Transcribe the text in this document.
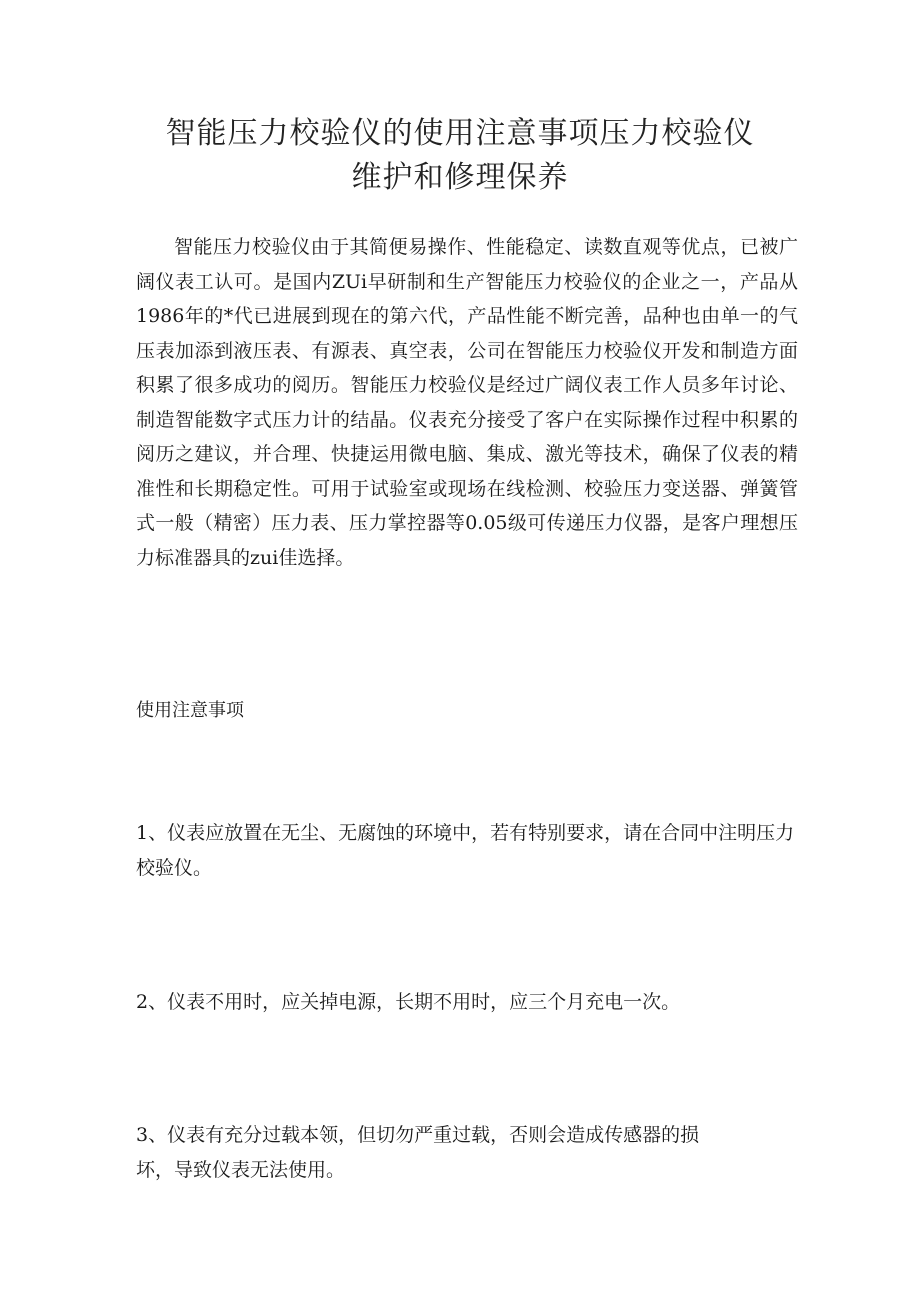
智能压力校验仪的使用注意事项压力校验仪
维护和修理保养

智能压力校验仪由于其简便易操作、性能稳定、读数直观等优点，已被广阔仪表工认可。是国内ZUi早研制和生产智能压力校验仪的企业之一，产品从1986年的*代已进展到现在的第六代，产品性能不断完善，品种也由单一的气压表加添到液压表、有源表、真空表，公司在智能压力校验仪开发和制造方面积累了很多成功的阅历。智能压力校验仪是经过广阔仪表工作人员多年讨论、制造智能数字式压力计的结晶。仪表充分接受了客户在实际操作过程中积累的阅历之建议，并合理、快捷运用微电脑、集成、激光等技术，确保了仪表的精准性和长期稳定性。可用于试验室或现场在线检测、校验压力变送器、弹簧管式一般（精密）压力表、压力掌控器等0.05级可传递压力仪器，是客户理想压力标准器具的zui佳选择。

使用注意事项

1、仪表应放置在无尘、无腐蚀的环境中，若有特别要求，请在合同中注明压力校验仪。

2、仪表不用时，应关掉电源，长期不用时，应三个月充电一次。

3、仪表有充分过载本领，但切勿严重过载，否则会造成传感器的损坏，导致仪表无法使用。
